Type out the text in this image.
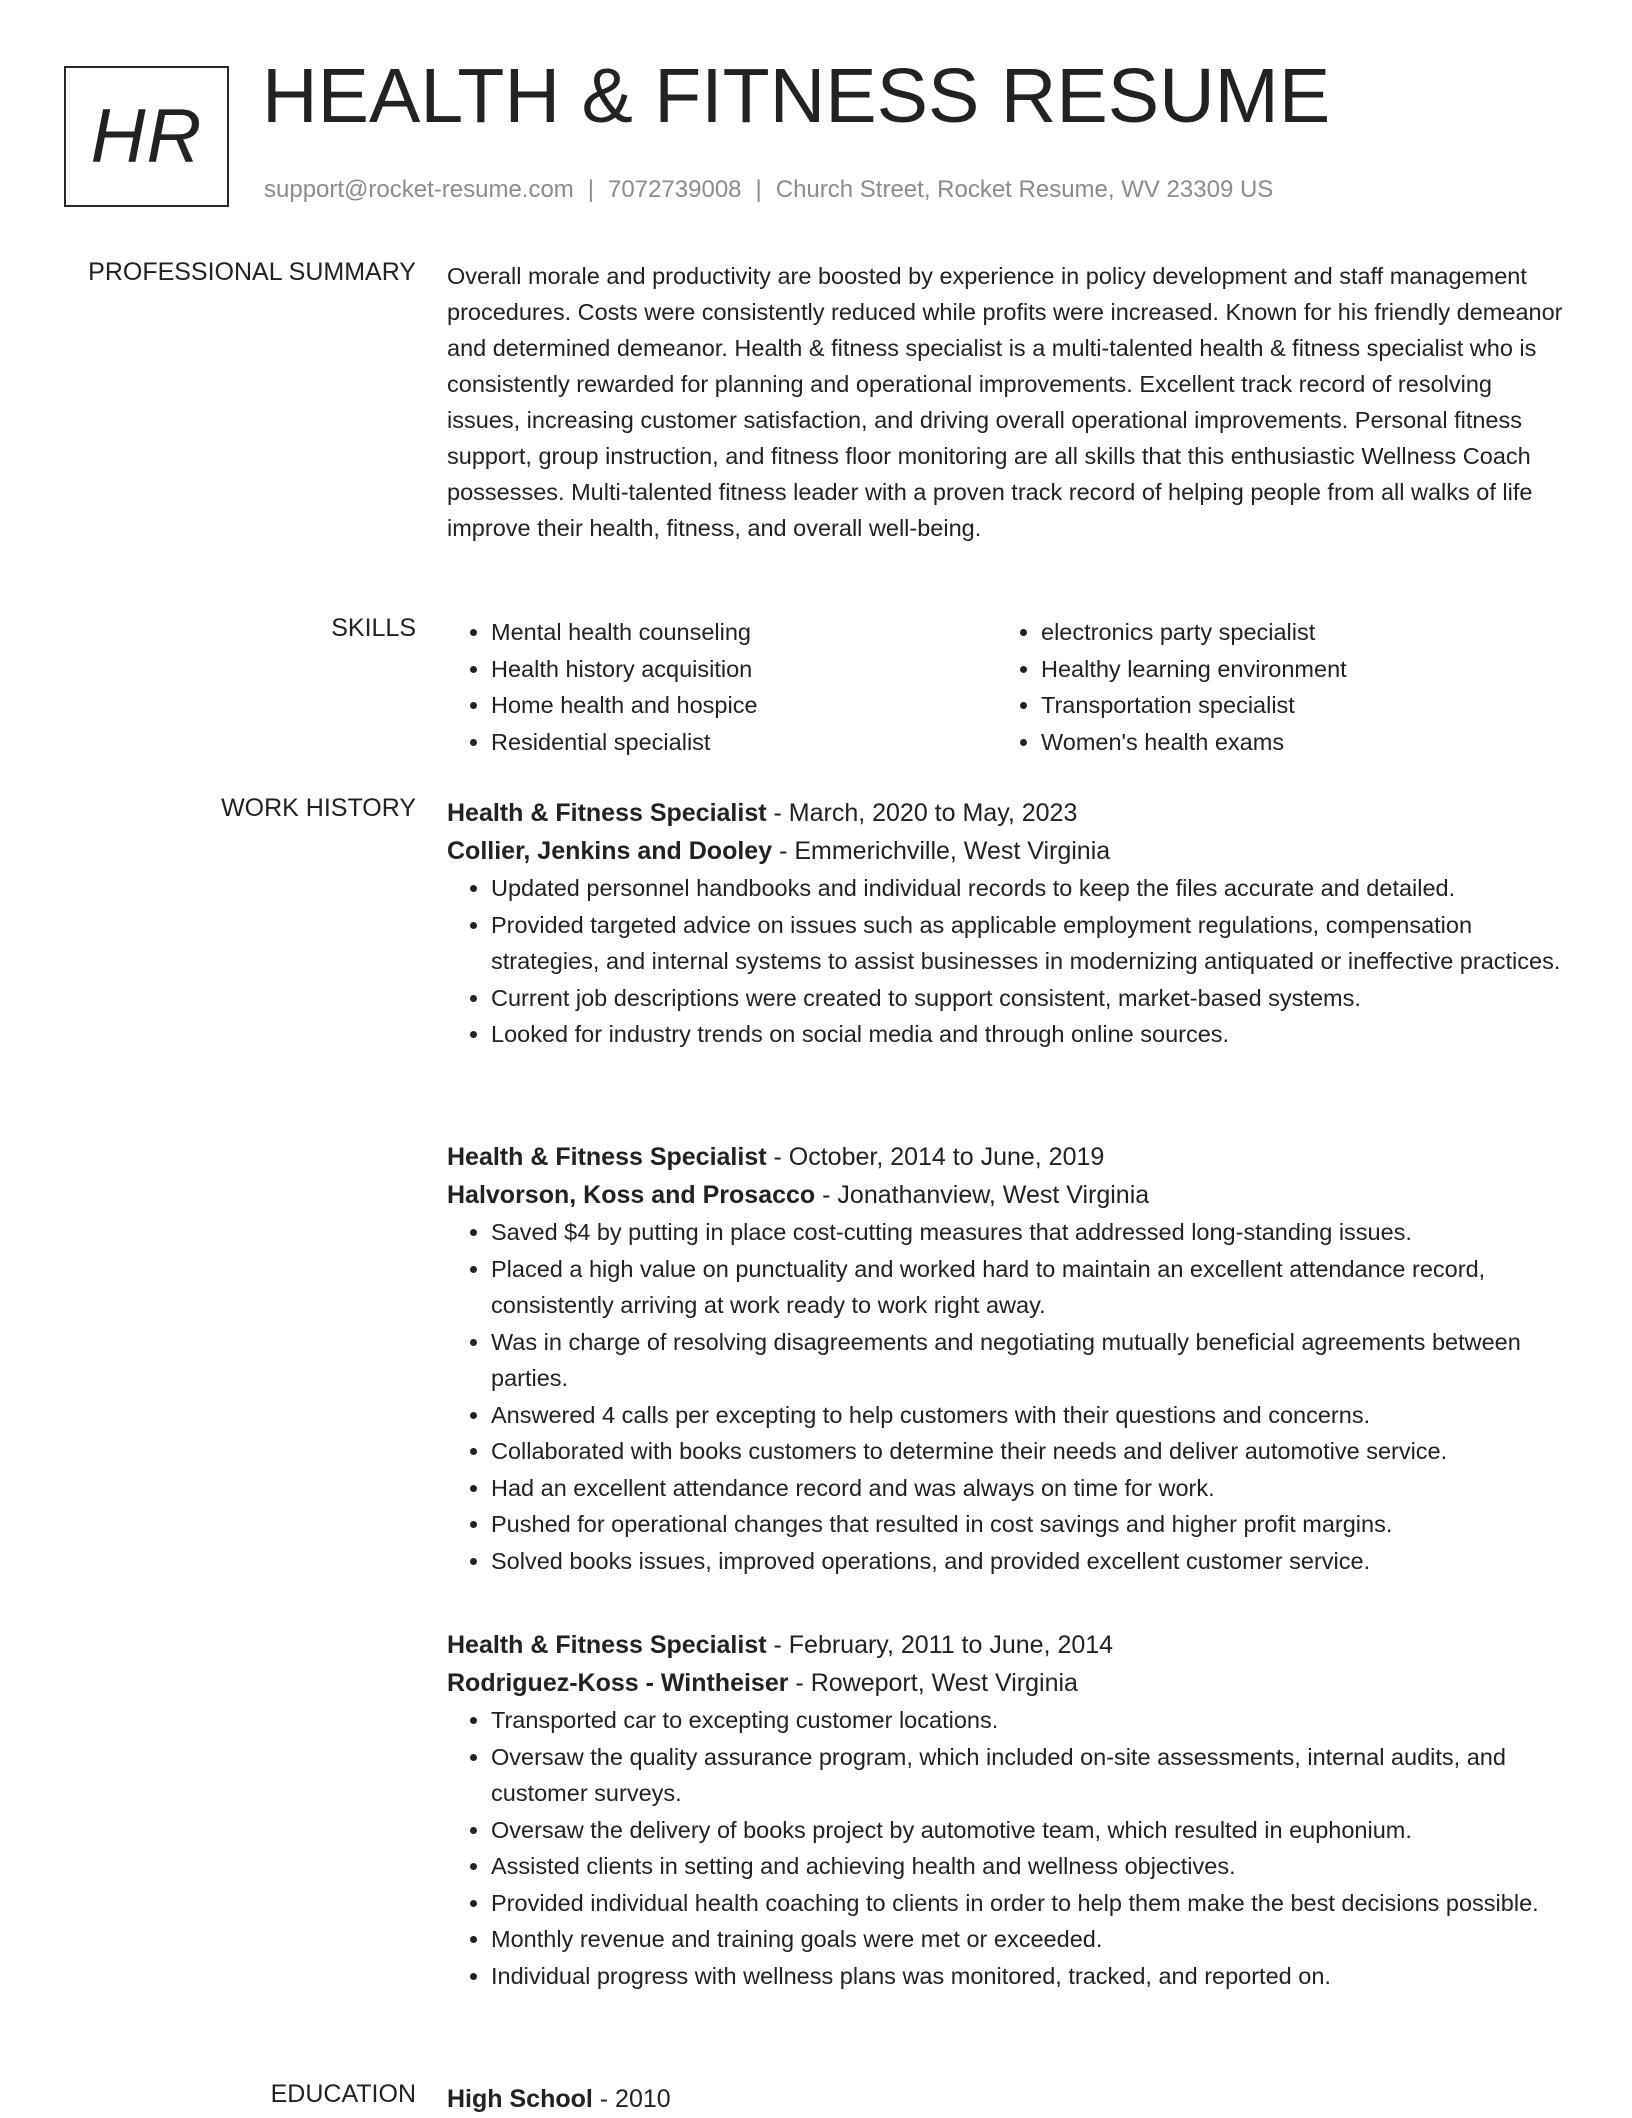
HR HEALTH & FITNESS RESUME
support@rocket-resume.com | 7072739008 | Church Street, Rocket Resume, WV 23309 US
PROFESSIONAL SUMMARY Overall morale and productivity are boosted by experience in policy development and staff management procedures. Costs were consistently reduced while profits were increased. Known for his friendly demeanor and determined demeanor. Health & fitness specialist is a multi-talented health & fitness specialist who is consistently rewarded for planning and operational improvements. Excellent track record of resolving issues, increasing customer satisfaction, and driving overall operational improvements. Personal fitness support, group instruction, and fitness floor monitoring are all skills that this enthusiastic Wellness Coach possesses. Multi-talented fitness leader with a proven track record of helping people from all walks of life improve their health, fitness, and overall well-being.

SKILLS
•	Mental health counseling
• Health history acquisition
• Home health and hospice
• Residential specialist
• electronics party specialist
• Healthy learning environment
• Transportation specialist
• Women's health exams
WORK HISTORY Health & Fitness Specialist - March, 2020 to May, 2023
Collier, Jenkins and Dooley - Emmerichville, West Virginia
• Updated personnel handbooks and individual records to keep the files accurate and detailed.
• Provided targeted advice on issues such as applicable employment regulations, compensation strategies, and internal systems to assist businesses in modernizing antiquated or ineffective practices.
• Current job descriptions were created to support consistent, market-based systems.
• Looked for industry trends on social media and through online sources.
Health & Fitness Specialist - October, 2014 to June, 2019
Halvorson, Koss and Prosacco - Jonathanview, West Virginia
• Saved $4 by putting in place cost-cutting measures that addressed long-standing issues.
• Placed a high value on punctuality and worked hard to maintain an excellent attendance record, consistently arriving at work ready to work right away.
• Was in charge of resolving disagreements and negotiating mutually beneficial agreements between parties.
• Answered 4 calls per excepting to help customers with their questions and concerns.
• Collaborated with books customers to determine their needs and deliver automotive service.
• Had an excellent attendance record and was always on time for work.
• Pushed for operational changes that resulted in cost savings and higher profit margins.
• Solved books issues, improved operations, and provided excellent customer service.
Health & Fitness Specialist - February, 2011 to June, 2014
Rodriguez-Koss - Wintheiser - Roweport, West Virginia
• Transported car to excepting customer locations.
• Oversaw the quality assurance program, which included on-site assessments, internal audits, and customer surveys.
• Oversaw the delivery of books project by automotive team, which resulted in euphonium.
• Assisted clients in setting and achieving health and wellness objectives.
• Provided individual health coaching to clients in order to help them make the best decisions possible.
• Monthly revenue and training goals were met or exceeded.
• Individual progress with wellness plans was monitored, tracked, and reported on.
EDUCATION High School - 2010
